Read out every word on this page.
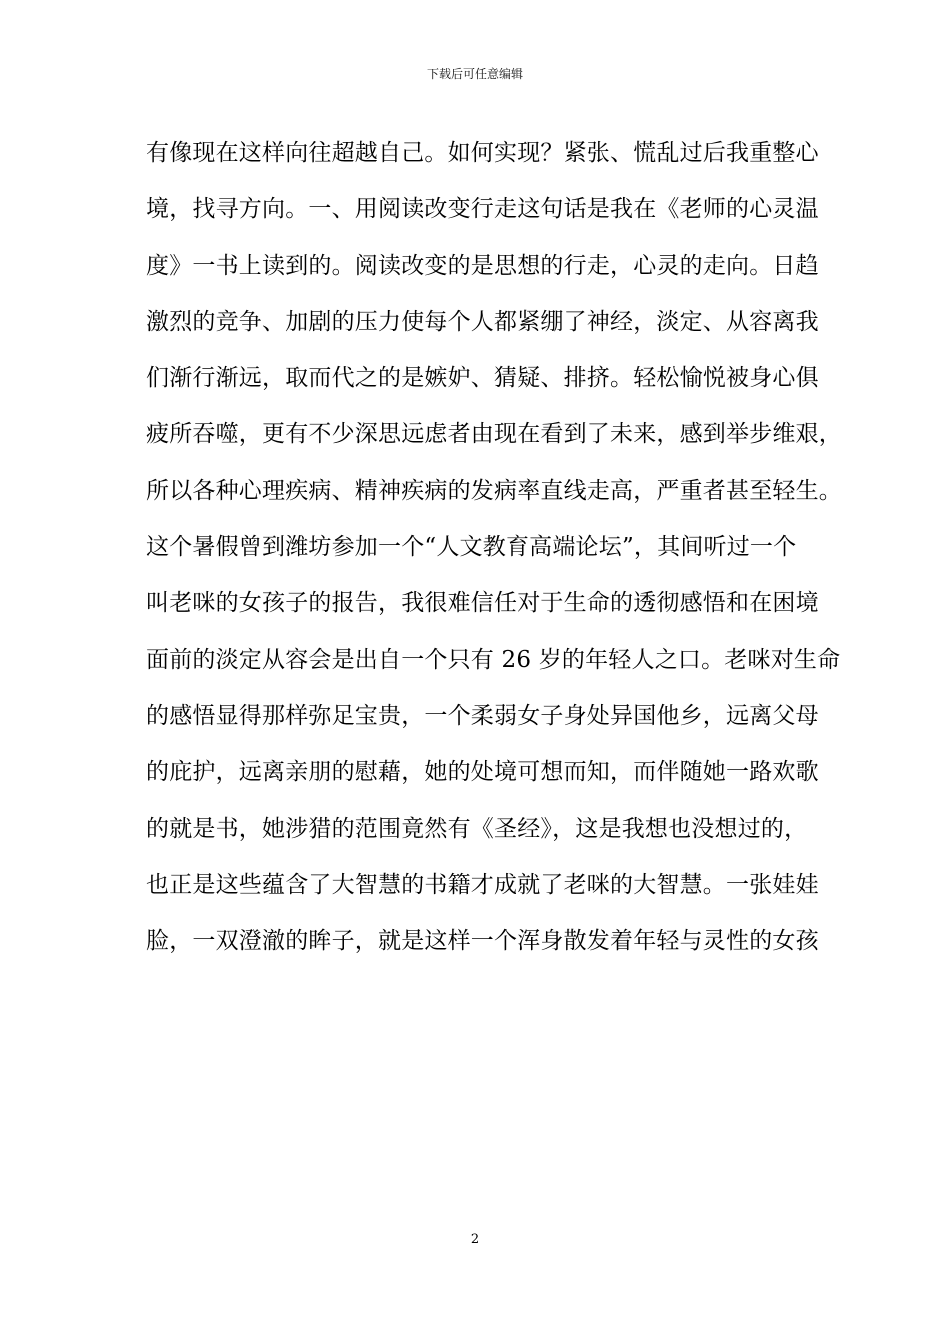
下载后可任意编辑
有像现在这样向往超越自己。如何实现？紧张、慌乱过后我重整心
境，找寻方向。一、用阅读改变行走这句话是我在《老师的心灵温
度》一书上读到的。阅读改变的是思想的行走，心灵的走向。日趋
激烈的竞争、加剧的压力使每个人都紧绷了神经，淡定、从容离我
们渐行渐远，取而代之的是嫉妒、猜疑、排挤。轻松愉悦被身心俱
疲所吞噬，更有不少深思远虑者由现在看到了未来，感到举步维艰，
所以各种心理疾病、精神疾病的发病率直线走高，严重者甚至轻生。
这个暑假曾到潍坊参加一个“人文教育高端论坛”，其间听过一个
叫老咪的女孩子的报告，我很难信任对于生命的透彻感悟和在困境
面前的淡定从容会是出自一个只有 26 岁的年轻人之口。老咪对生命
的感悟显得那样弥足宝贵，一个柔弱女子身处异国他乡，远离父母
的庇护，远离亲朋的慰藉，她的处境可想而知，而伴随她一路欢歌
的就是书，她涉猎的范围竟然有《圣经》，这是我想也没想过的，
也正是这些蕴含了大智慧的书籍才成就了老咪的大智慧。一张娃娃
脸，一双澄澈的眸子，就是这样一个浑身散发着年轻与灵性的女孩
2
